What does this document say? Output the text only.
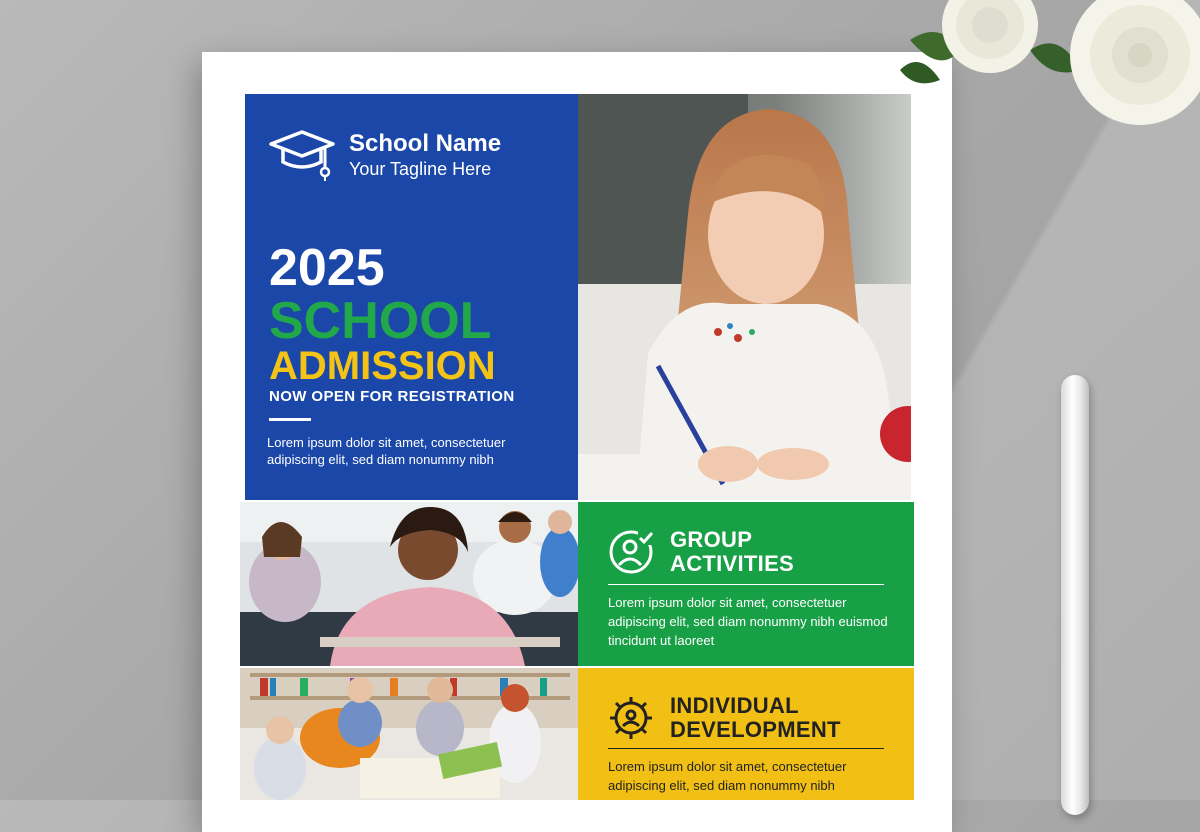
School Name
Your Tagline Here
2025
SCHOOL
ADMISSION
NOW OPEN FOR REGISTRATION
Lorem ipsum dolor sit amet, consectetuer adipiscing elit, sed diam nonummy nibh
GROUP
ACTIVITIES
Lorem ipsum dolor sit amet, consectetuer adipiscing elit, sed diam nonummy nibh euismod tincidunt ut laoreet
INDIVIDUAL
DEVELOPMENT
Lorem ipsum dolor sit amet, consectetuer adipiscing elit, sed diam nonummy nibh
